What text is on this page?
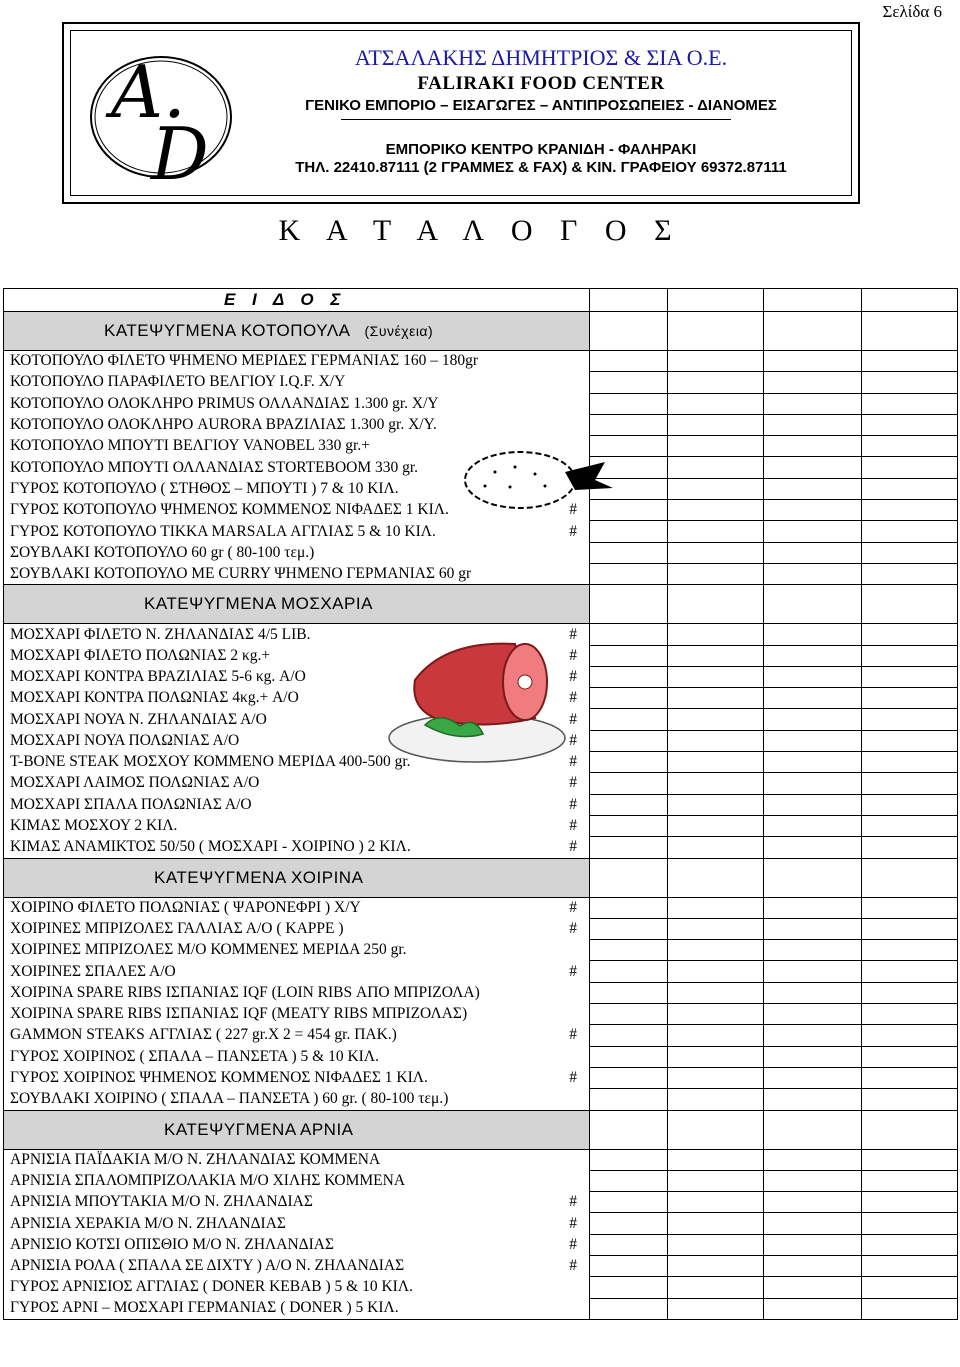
Σελίδα 6
A.
D
ΑΤΣΑΛΑΚΗΣ ΔΗΜΗΤΡΙΟΣ & ΣΙΑ Ο.Ε.
FALIRAKI FOOD CENTER
ΓΕΝΙΚΟ ΕΜΠΟΡΙΟ – ΕΙΣΑΓΩΓΕΣ – ΑΝΤΙΠΡΟΣΩΠΕΙΕΣ - ΔΙΑΝΟΜΕΣ
ΕΜΠΟΡΙΚΟ ΚΕΝΤΡΟ ΚΡΑΝΙΔΗ - ΦΑΛΗΡΑΚΙ
ΤΗΛ. 22410.87111 (2 ΓΡΑΜΜΕΣ & FAX) & ΚΙΝ. ΓΡΑΦΕΙΟΥ 69372.87111
Κ Α Τ Α Λ Ο Γ Ο Σ
Ε Ι Δ Ο Σ				
ΚΑΤΕΨΥΓΜΕΝΑ ΚΟΤΟΠΟΥΛΑ (Συνέχεια)				
ΚΟΤΟΠΟΥΛΟ ΦΙΛΕΤΟ ΨΗΜΕΝΟ ΜΕΡΙΔΕΣ ΓΕΡΜΑΝΙΑΣ 160 – 180gr				
ΚΟΤΟΠΟΥΛΟ ΠΑΡΑΦΙΛΕΤΟ ΒΕΛΓΙΟΥ I.Q.F. Χ/Υ				
ΚΟΤΟΠΟΥΛΟ ΟΛΟΚΛΗΡΟ PRIMUS ΟΛΛΑΝΔΙΑΣ 1.300 gr. Χ/Υ				
ΚΟΤΟΠΟΥΛΟ ΟΛΟΚΛΗΡΟ AURORA ΒΡΑΖΙΛΙΑΣ 1.300 gr. Χ/Υ.				
ΚΟΤΟΠΟΥΛΟ ΜΠΟΥΤΙ ΒΕΛΓΙΟΥ VANOBEL 330 gr.+				
ΚΟΤΟΠΟΥΛΟ ΜΠΟΥΤΙ ΟΛΛΑΝΔΙΑΣ STORTEBOOM 330 gr.				
ΓΥΡΟΣ ΚΟΤΟΠΟΥΛΟ ( ΣΤΗΘΟΣ – ΜΠΟΥΤΙ ) 7 & 10 ΚΙΛ.				
ΓΥΡΟΣ ΚΟΤΟΠΟΥΛΟ ΨΗΜΕΝΟΣ ΚΟΜΜΕΝΟΣ ΝΙΦΑΔΕΣ 1 ΚΙΛ. #				

ΓΥΡΟΣ ΚΟΤΟΠΟΥΛΟ ΤΙΚΚΑ MARSALA ΑΓΓΛΙΑΣ 5 & 10 ΚΙΛ. #				

ΣΟΥΒΛΑΚΙ ΚΟΤΟΠΟΥΛΟ 60 gr ( 80-100 τεμ.)				
ΣΟΥΒΛΑΚΙ ΚΟΤΟΠΟΥΛΟ ΜΕ CURRY ΨΗΜΕΝΟ ΓΕΡΜΑΝΙΑΣ 60 gr				
ΚΑΤΕΨΥΓΜΕΝΑ ΜΟΣΧΑΡΙΑ				
ΜΟΣΧΑΡΙ ΦΙΛΕΤΟ Ν. ΖΗΛΑΝΔΙΑΣ 4/5 LIB. #				

ΜΟΣΧΑΡΙ ΦΙΛΕΤΟ ΠΟΛΩΝΙΑΣ 2 κg.+ #				

ΜΟΣΧΑΡΙ ΚΟΝΤΡΑ ΒΡΑΖΙΛΙΑΣ 5-6 κg. Α/Ο #				

ΜΟΣΧΑΡΙ ΚΟΝΤΡΑ ΠΟΛΩΝΙΑΣ 4κg.+ Α/Ο #				

ΜΟΣΧΑΡΙ ΝΟΥΑ Ν. ΖΗΛΑΝΔΙΑΣ Α/Ο #				

ΜΟΣΧΑΡΙ ΝΟΥΑ ΠΟΛΩΝΙΑΣ Α/Ο #				

T-BONE STEAK ΜΟΣΧΟΥ ΚΟΜΜΕΝΟ ΜΕΡΙΔΑ 400-500 gr. #				

ΜΟΣΧΑΡΙ ΛΑΙΜΟΣ ΠΟΛΩΝΙΑΣ Α/Ο #				

ΜΟΣΧΑΡΙ ΣΠΑΛΑ ΠΟΛΩΝΙΑΣ Α/Ο #				

ΚΙΜΑΣ ΜΟΣΧΟΥ 2 ΚΙΛ. #				

ΚΙΜΑΣ ΑΝΑΜΙΚΤΟΣ 50/50 ( ΜΟΣΧΑΡΙ - ΧΟΙΡΙΝΟ ) 2 ΚΙΛ. #				

ΚΑΤΕΨΥΓΜΕΝΑ ΧΟΙΡΙΝΑ				
ΧΟΙΡΙΝΟ ΦΙΛΕΤΟ ΠΟΛΩΝΙΑΣ ( ΨΑΡΟΝΕΦΡΙ ) Χ/Υ #				

ΧΟΙΡΙΝΕΣ ΜΠΡΙΖΟΛΕΣ ΓΑΛΛΙΑΣ Α/Ο ( ΚΑΡΡΕ ) #				

ΧΟΙΡΙΝΕΣ ΜΠΡΙΖΟΛΕΣ Μ/Ο ΚΟΜΜΕΝΕΣ ΜΕΡΙΔΑ 250 gr.				
ΧΟΙΡΙΝΕΣ ΣΠΑΛΕΣ Α/Ο #				

ΧΟΙΡΙΝΑ SPARE RIBS ΙΣΠΑΝΙΑΣ IQF (LOIN RIBS ΑΠΟ ΜΠΡΙΖΟΛΑ)				
ΧΟΙΡΙΝΑ SPARE RIBS ΙΣΠΑΝΙΑΣ IQF (MEATY RIBS ΜΠΡΙΖΟΛΑΣ)				
GAMMON STEAKS ΑΓΓΛΙΑΣ ( 227 gr.Χ 2 = 454 gr. ΠΑΚ.) #				

ΓΥΡΟΣ ΧΟΙΡΙΝΟΣ ( ΣΠΑΛΑ – ΠΑΝΣΕΤΑ ) 5 & 10 ΚΙΛ.				
ΓΥΡΟΣ ΧΟΙΡΙΝΟΣ ΨΗΜΕΝΟΣ ΚΟΜΜΕΝΟΣ ΝΙΦΑΔΕΣ 1 ΚΙΛ. #				

ΣΟΥΒΛΑΚΙ ΧΟΙΡΙΝΟ ( ΣΠΑΛΑ – ΠΑΝΣΕΤΑ ) 60 gr. ( 80-100 τεμ.)				
ΚΑΤΕΨΥΓΜΕΝΑ ΑΡΝΙΑ				
ΑΡΝΙΣΙΑ ΠΑΪΔΑΚΙΑ Μ/Ο Ν. ΖΗΛΑΝΔΙΑΣ ΚΟΜΜΕΝΑ				
ΑΡΝΙΣΙΑ ΣΠΑΛΟΜΠΡΙΖΟΛΑΚΙΑ Μ/Ο ΧΙΛΗΣ ΚΟΜΜΕΝΑ				
ΑΡΝΙΣΙΑ ΜΠΟΥΤΑΚΙΑ Μ/Ο Ν. ΖΗΛΑΝΔΙΑΣ #				

ΑΡΝΙΣΙΑ ΧΕΡΑΚΙΑ Μ/Ο Ν. ΖΗΛΑΝΔΙΑΣ #				

ΑΡΝΙΣΙΟ ΚΟΤΣΙ ΟΠΙΣΘΙΟ Μ/Ο Ν. ΖΗΛΑΝΔΙΑΣ #				

ΑΡΝΙΣΙΑ ΡΟΛΑ ( ΣΠΑΛΑ ΣΕ ΔΙΧΤΥ ) Α/Ο Ν. ΖΗΛΑΝΔΙΑΣ #				

ΓΥΡΟΣ ΑΡΝΙΣΙΟΣ ΑΓΓΛΙΑΣ ( DONER KEBAB ) 5 & 10 ΚΙΛ.				
ΓΥΡΟΣ ΑΡΝΙ – ΜΟΣΧΑΡΙ ΓΕΡΜΑΝΙΑΣ ( DONER ) 5 ΚΙΛ.				
